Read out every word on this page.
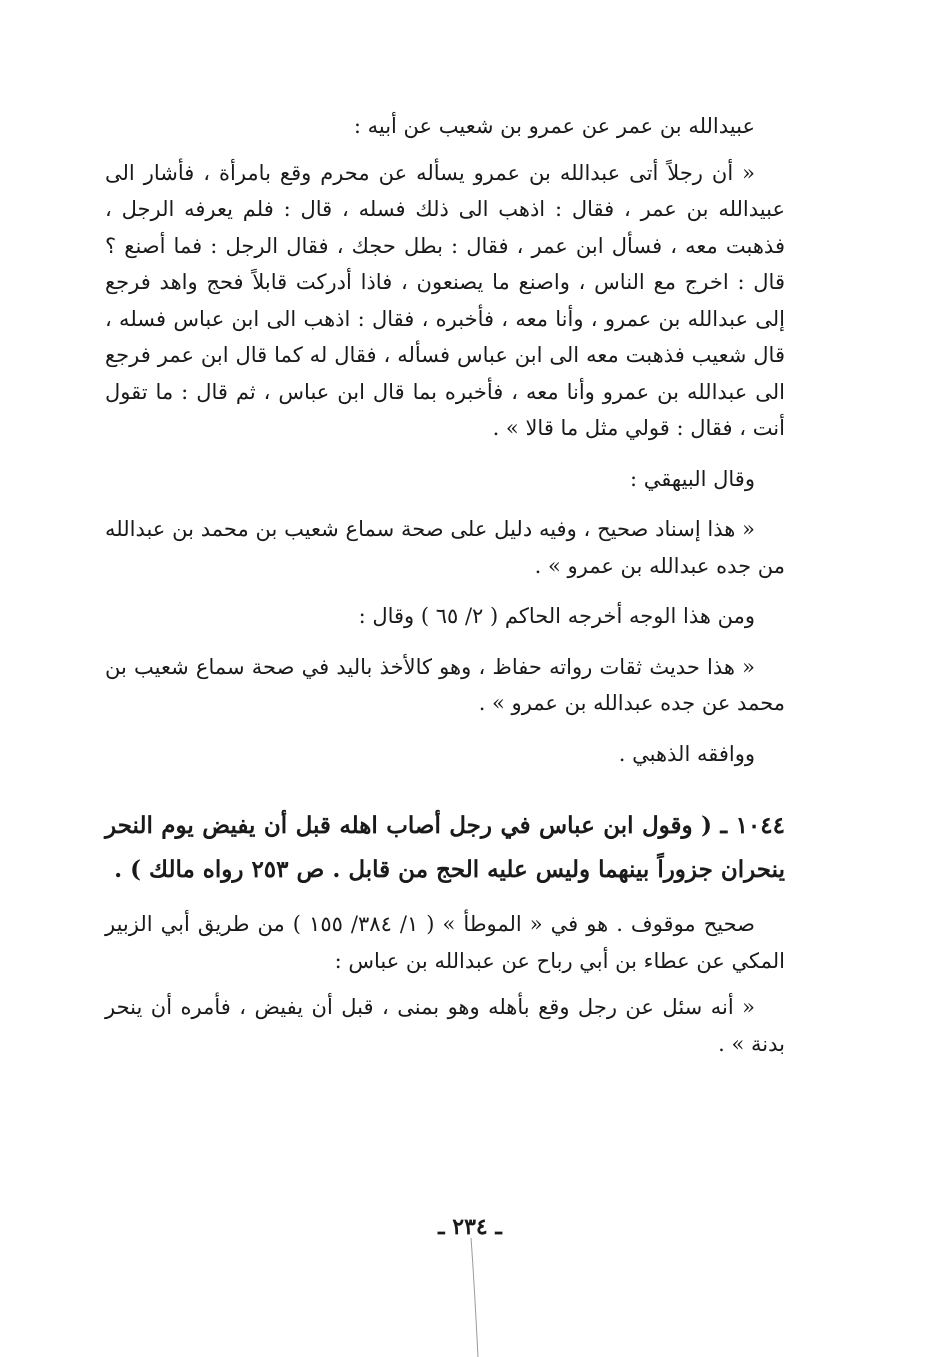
عبيدالله بن عمر عن عمرو بن شعيب عن أبيه :

« أن رجلاً أتى عبدالله بن عمرو يسأله عن محرم وقع بامرأة ، فأشار الى عبيدالله بن عمر ، فقال : اذهب الى ذلك فسله ، قال : فلم يعرفه الرجل ، فذهبت معه ، فسأل ابن عمر ، فقال : بطل حجك ، فقال الرجل : فما أصنع ؟ قال : اخرج مع الناس ، واصنع ما يصنعون ، فاذا أدركت قابلاً فحج واهد فرجع إلى عبدالله بن عمرو ، وأنا معه ، فأخبره ، فقال : اذهب الى ابن عباس فسله ، قال شعيب فذهبت معه الى ابن عباس فسأله ، فقال له كما قال ابن عمر فرجع الى عبدالله بن عمرو وأنا معه ، فأخبره بما قال ابن عباس ، ثم قال : ما تقول أنت ، فقال : قولي مثل ما قالا » .

وقال البيهقي :

« هذا إسناد صحيح ، وفيه دليل على صحة سماع شعيب بن محمد بن عبدالله من جده عبدالله بن عمرو » .

ومن هذا الوجه أخرجه الحاكم ( ٢/ ٦٥ ) وقال :

« هذا حديث ثقات رواته حفاظ ، وهو كالأخذ باليد في صحة سماع شعيب بن محمد عن جده عبدالله بن عمرو » .

ووافقه الذهبي .

١٠٤٤ ـ ( وقول ابن عباس في رجل أصاب اهله قبل أن يفيض يوم النحر ينحران جزوراً بينهما وليس عليه الحج من قابل . ص ٢٥٣ رواه مالك ) .

صحيح موقوف . هو في « الموطأ » ( ١/ ٣٨٤/ ١٥٥ ) من طريق أبي الزبير المكي عن عطاء بن أبي رباح عن عبدالله بن عباس :

« أنه سئل عن رجل وقع بأهله وهو بمنى ، قبل أن يفيض ، فأمره أن ينحر بدنة » .

ـ ٢٣٤ ـ
